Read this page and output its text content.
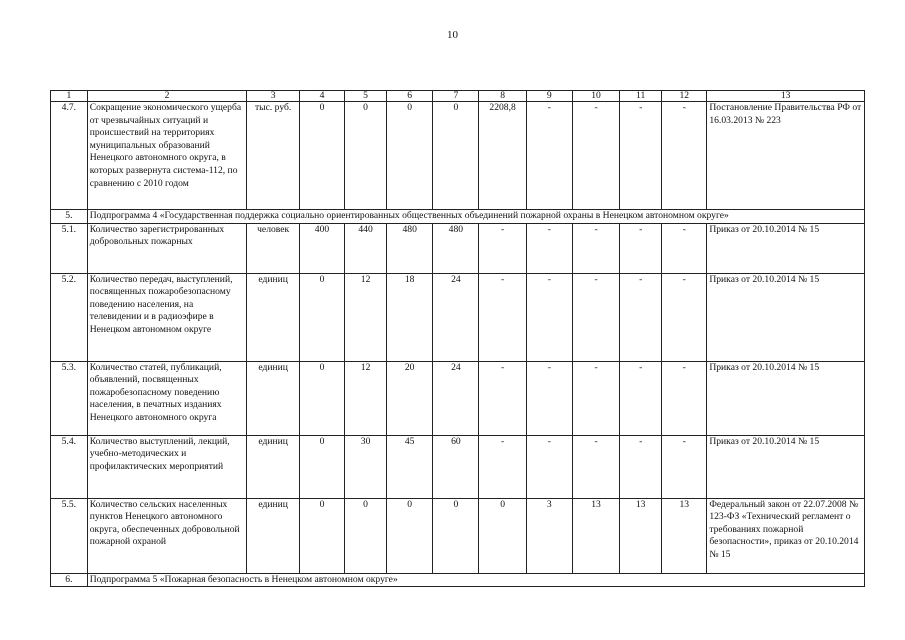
10
1	2	3	4	5	6	7	8	9	10	11	12	13
4.7.	Сокращение экономического ущерба от чрезвычайных ситуаций и происшествий на территориях муниципальных образований Ненецкого автономного округа, в которых развернута система-112, по сравнению с 2010 годом	тыс. руб.	0	0	0	0	2208,8	-	-	-	-	Постановление Правительства РФ от 16.03.2013 № 223
5.	Подпрограмма 4 «Государственная поддержка социально ориентированных общественных объединений пожарной охраны в Ненецком автономном округе»											
5.1.	Количество зарегистрированных добровольных пожарных	человек	400	440	480	480	-	-	-	-	-	Приказ от 20.10.2014 № 15
5.2.	Количество передач, выступлений, посвященных пожаробезопасному поведению населения, на телевидении и в радиоэфире в Ненецком автономном округе	единиц	0	12	18	24	-	-	-	-	-	Приказ от 20.10.2014 № 15
5.3.	Количество статей, публикаций, объявлений, посвященных пожаробезопасному поведению населения, в печатных изданиях Ненецкого автономного округа	единиц	0	12	20	24	-	-	-	-	-	Приказ от 20.10.2014 № 15
5.4.	Количество выступлений, лекций, учебно-методических и профилактических мероприятий	единиц	0	30	45	60	-	-	-	-	-	Приказ от 20.10.2014 № 15
5.5.	Количество сельских населенных пунктов Ненецкого автономного округа, обеспеченных добровольной пожарной охраной	единиц	0	0	0	0	0	3	13	13	13	Федеральный закон от 22.07.2008 № 123-ФЗ «Технический регламент о требованиях пожарной безопасности», приказ от 20.10.2014 № 15
6.	Подпрограмма 5 «Пожарная безопасность в Ненецком автономном округе»											
